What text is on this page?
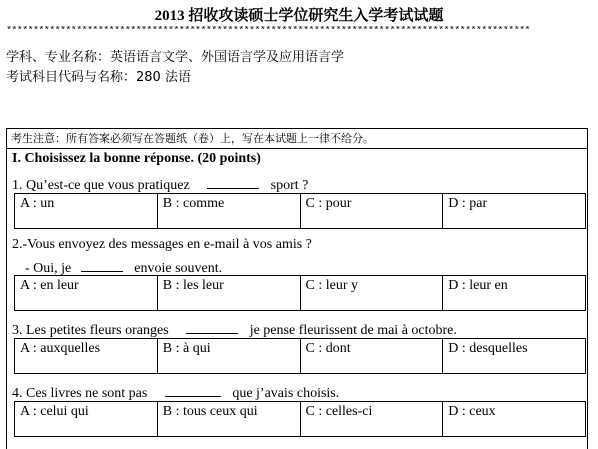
2013 招收攻读硕士学位研究生入学考试试题
*************************************************************************************************
学科、专业名称：英语语言文学、外国语言学及应用语言学
考试科目代码与名称：280 法语
考生注意：所有答案必须写在答题纸（卷）上，写在本试题上一律不给分。
I. Choisissez la bonne réponse. (20 points)
1. Qu’est-ce que vous pratiquez	sport ?
A : un	B : comme	C : pour	D : par
2.-Vous envoyez des messages en e-mail à vos amis ?
- Oui, je	envoie souvent.
A : en leur	B : les leur	C : leur y	D : leur en
3. Les petites fleurs oranges	je pense fleurissent de mai à octobre.
A : auxquelles	B : à qui	C : dont	D : desquelles
4. Ces livres ne sont pas	que j’avais choisis.
A : celui qui	B : tous ceux qui	C : celles-ci	D : ceux
